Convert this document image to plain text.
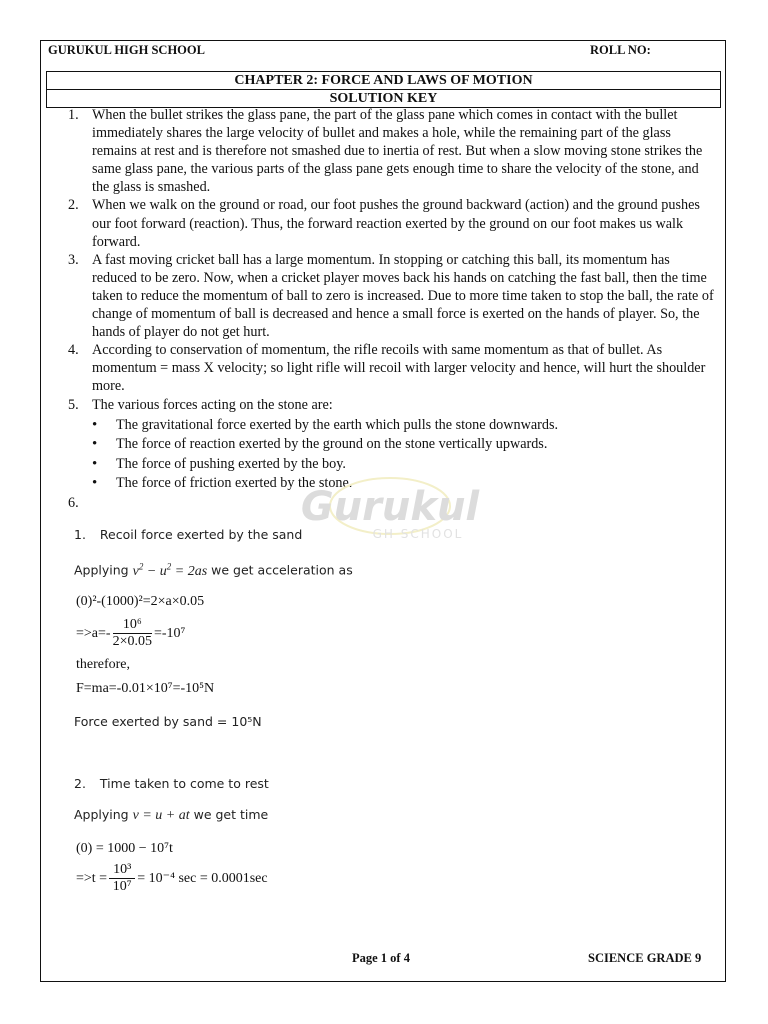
GURUKUL HIGH SCHOOL	ROLL NO:
CHAPTER 2: FORCE AND LAWS OF MOTION
SOLUTION KEY
1. When the bullet strikes the glass pane, the part of the glass pane which comes in contact with the bullet immediately shares the large velocity of bullet and makes a hole, while the remaining part of the glass remains at rest and is therefore not smashed due to inertia of rest. But when a slow moving stone strikes the same glass pane, the various parts of the glass pane gets enough time to share the velocity of the stone, and the glass is smashed.
2. When we walk on the ground or road, our foot pushes the ground backward (action) and the ground pushes our foot forward (reaction). Thus, the forward reaction exerted by the ground on our foot makes us walk forward.
3. A fast moving cricket ball has a large momentum. In stopping or catching this ball, its momentum has reduced to be zero. Now, when a cricket player moves back his hands on catching the fast ball, then the time taken to reduce the momentum of ball to zero is increased. Due to more time taken to stop the ball, the rate of change of momentum of ball is decreased and hence a small force is exerted on the hands of player. So, the hands of player do not get hurt.
4. According to conservation of momentum, the rifle recoils with same momentum as that of bullet. As momentum = mass X velocity; so light rifle will recoil with larger velocity and hence, will hurt the shoulder more.
5. The various forces acting on the stone are:
• The gravitational force exerted by the earth which pulls the stone downwards.
• The force of reaction exerted by the ground on the stone vertically upwards.
• The force of pushing exerted by the boy.
• The force of friction exerted by the stone.
6.	Gurukul
GH SCHOOL
1. Recoil force exerted by the sand
Applying $v^2 - u^2 = 2as$ we get acceleration as
(0)²-(1000)²=2×a×0.05
$=>a=- \frac{\text{10⁶}}{2\times 0.05} =-10^7$
therefore,
F=ma=-0.01×10⁷=-10⁵N
Force exerted by sand = 10⁵N
2. Time taken to come to rest
Applying v = u + at we get time
(0) = 1000 − 10⁷t
$=>t = \frac{\text{10³}}{\text{10⁷}} = 10^{-4}$ sec = 0.0001sec
Page 1 of 4	SCIENCE GRADE 9
